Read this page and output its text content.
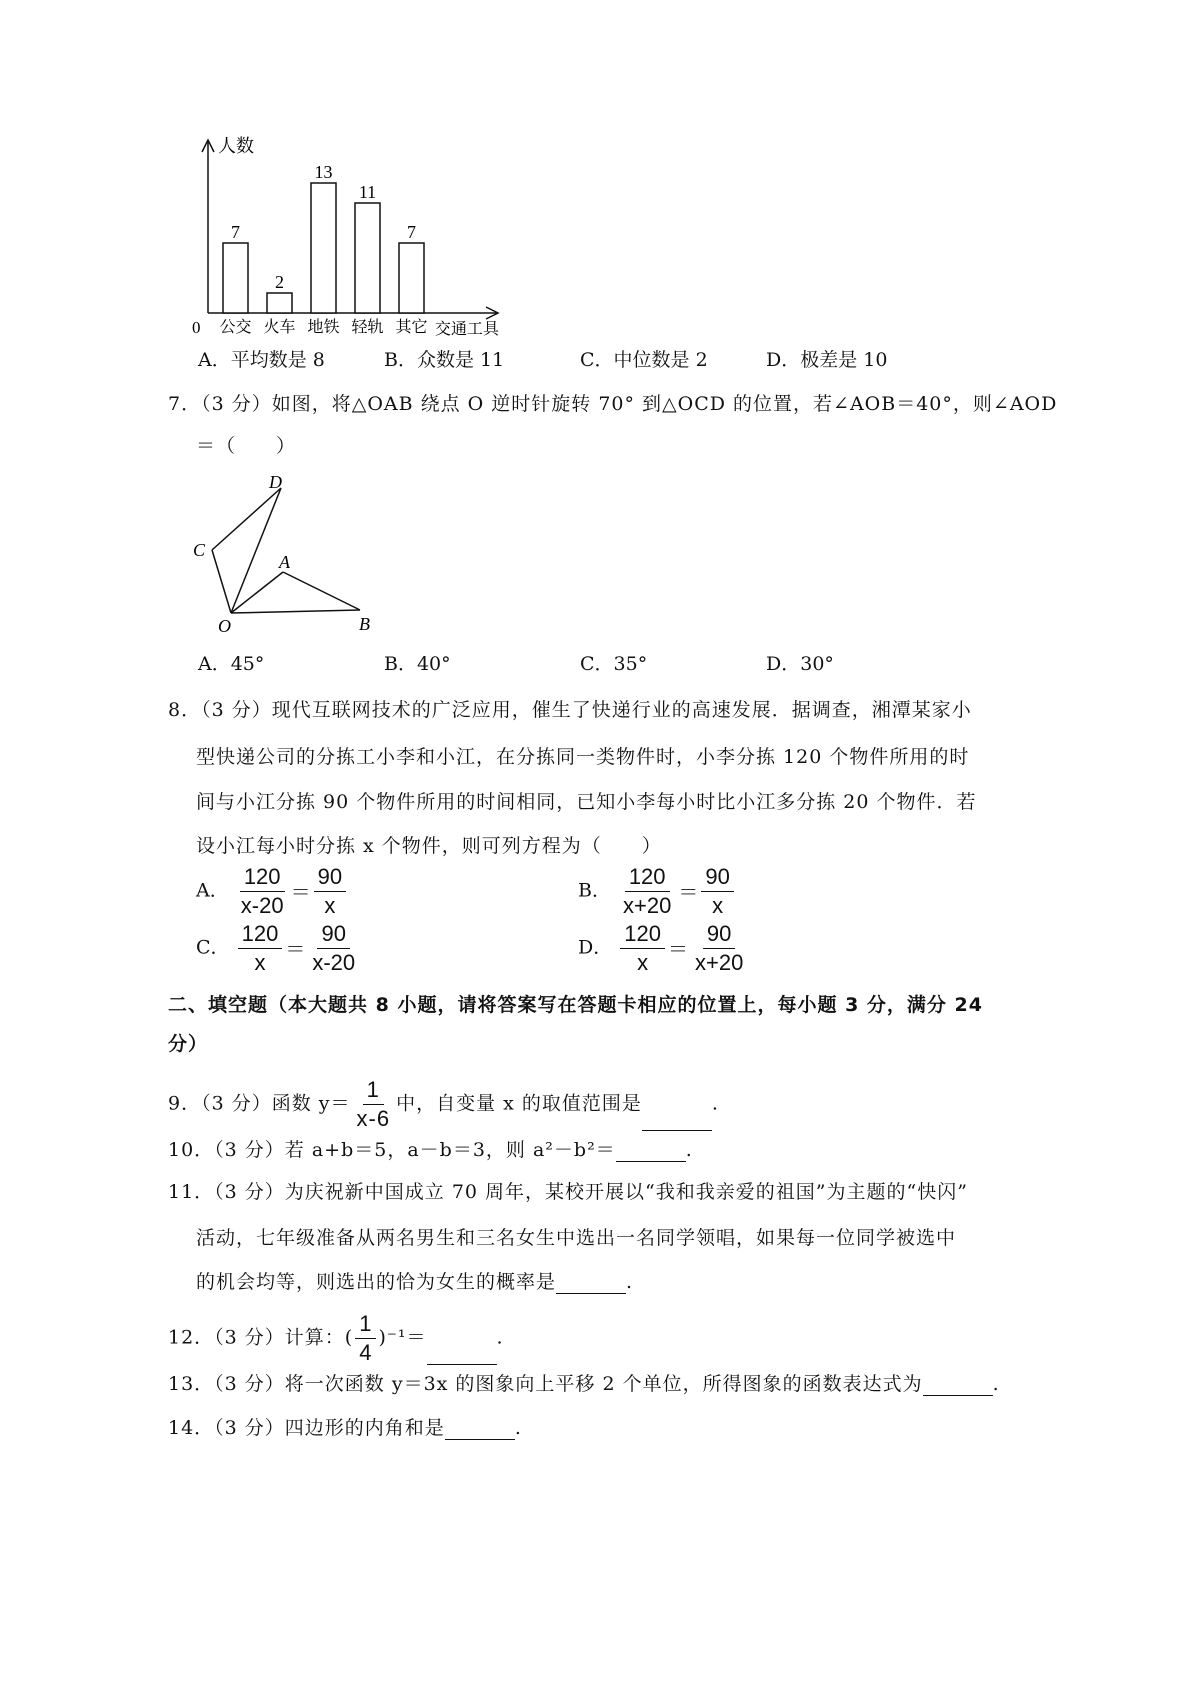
人数
0	交通工具
7
公交
2
火车
13
地铁
11
轻轨
7
其它
A．平均数是 8	B．众数是 11	C．中位数是 2	D．极差是 10
7．（3 分）如图，将△OAB 绕点 O 逆时针旋转 70° 到△OCD 的位置，若∠AOB＝40°，则∠AOD
＝（　　）
D
C
A
O	B
A．45°	B．40°	C．35°	D．30°
8．（3 分）现代互联网技术的广泛应用，催生了快递行业的高速发展．据调查，湘潭某家小
型快递公司的分拣工小李和小江，在分拣同一类物件时，小李分拣 120 个物件所用的时
间与小江分拣 90 个物件所用的时间相同，已知小李每小时比小江多分拣 20 个物件．若
设小江每小时分拣 x 个物件，则可列方程为（　　）
A． $\frac{120}{x-20} = \frac{90}{x}$	B． $\frac{120}{x+20} = \frac{90}{x}$
C． $\frac{120}{x} = \frac{90}{x-20}$	D． $\frac{120}{x} = \frac{90}{x+20}$
二、填空题（本大题共 8 小题，请将答案写在答题卡相应的位置上，每小题 3 分，满分 24
分）
9．（3 分）函数 $y= \frac{1}{x-6}$ 中，自变量 x 的取值范围是	.
10．（3 分）若 a+b＝5，a－b＝3，则 a²－b²＝	.
11．（3 分）为庆祝新中国成立 70 周年，某校开展以“我和我亲爱的祖国”为主题的“快闪”
活动，七年级准备从两名男生和三名女生中选出一名同学领唱，如果每一位同学被选中
的机会均等，则选出的恰为女生的概率是	.
12．（3 分）计算：( $\frac{1}{4} )^{-1}=$	.
13．（3 分）将一次函数 y＝3x 的图象向上平移 2 个单位，所得图象的函数表达式为	.
14．（3 分）四边形的内角和是	.
